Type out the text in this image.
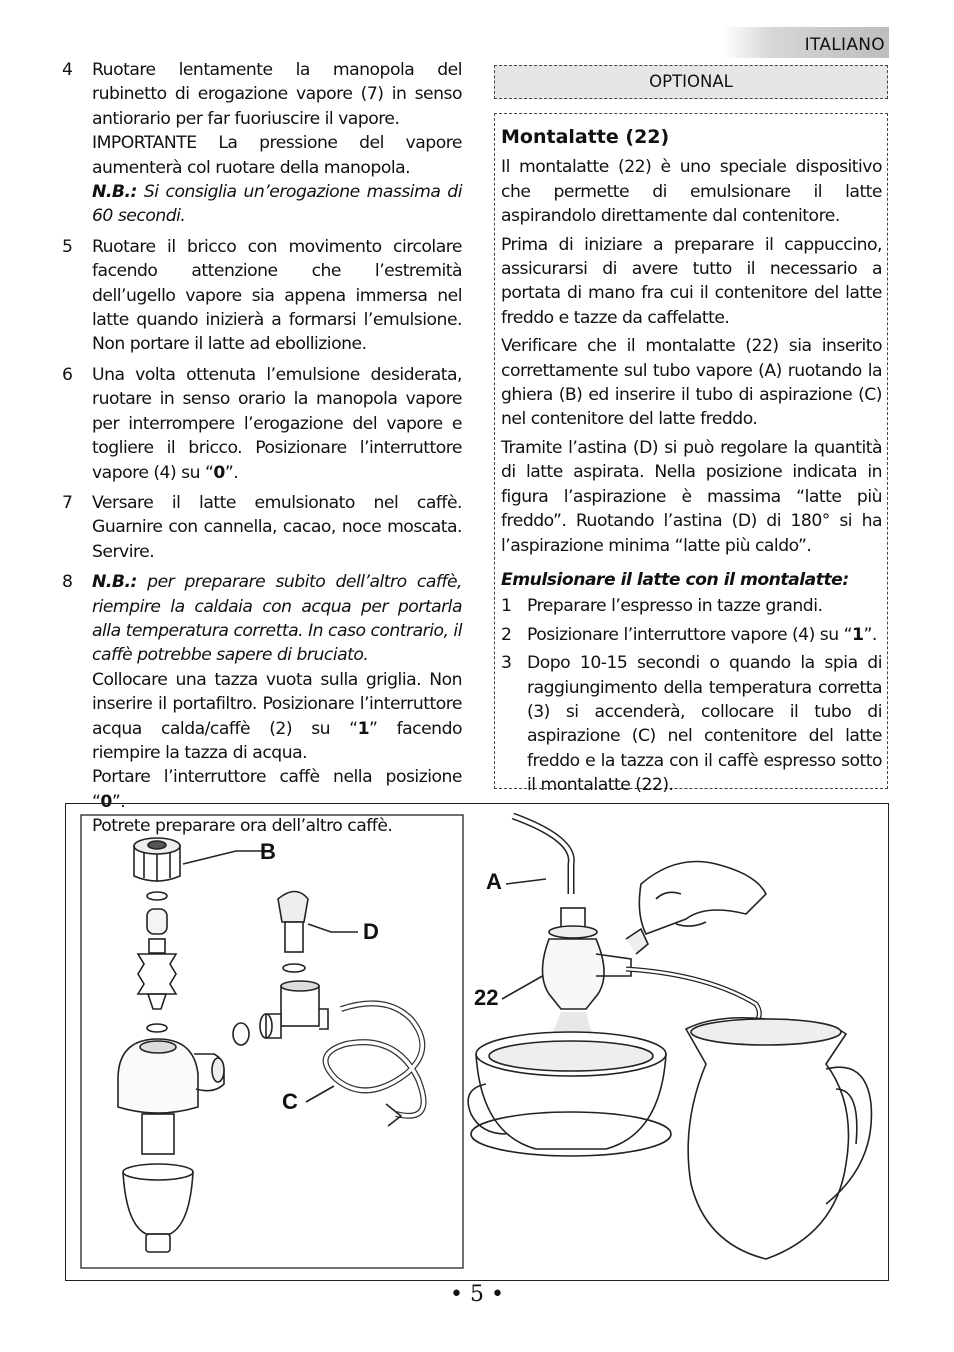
ITALIANO
4	Ruotare lentamente la manopola del rubinetto di erogazione vapore (7) in senso antiorario per far fuoriuscire il vapore.

IMPORTANTE La pressione del vapore aumenterà col ruotare della manopola.

N.B.: Si consiglia un’erogazione massima di 60 secondi.

5	Ruotare il bricco con movimento circolare facendo attenzione che l’estremità dell’ugello vapore sia appena immersa nel latte quando inizierà a formarsi l’emulsione. Non portare il latte ad ebollizione.
6	Una volta ottenuta l’emulsione desiderata, ruotare in senso orario la manopola vapore per interrompere l’erogazione del vapore e togliere il bricco. Posizionare l’interruttore vapore (4) su “0”.
7	Versare il latte emulsionato nel caffè. Guarnire con cannella, cacao, noce moscata. Servire.
8	N.B.: per preparare subito dell’altro caffè, riempire la caldaia con acqua per portarla alla temperatura corretta. In caso contrario, il caffè potrebbe sapere di bruciato.

Collocare una tazza vuota sulla griglia. Non inserire il portafiltro. Posizionare l’interruttore acqua calda/caffè (2) su “1” facendo riempire la tazza di acqua.

Portare l’interruttore caffè nella posizione “0”.

Potrete preparare ora dell’altro caffè.

OPTIONAL
Montalatte (22)

Il montalatte (22) è uno speciale dispositivo che permette di emulsionare il latte aspirandolo direttamente dal contenitore.

Prima di iniziare a preparare il cappuccino, assicurarsi di avere tutto il necessario a portata di mano fra cui il contenitore del latte freddo e tazze da caffelatte.

Verificare che il montalatte (22) sia inserito correttamente sul tubo vapore (A) ruotando la ghiera (B) ed inserire il tubo di aspirazione (C) nel contenitore del latte freddo.

Tramite l’astina (D) si può regolare la quantità di latte aspirata. Nella posizione indicata in figura l’aspirazione è massima “latte più freddo”. Ruotando l’astina (D) di 180° si ha l’aspirazione minima “latte più caldo”.

Emulsionare il latte con il montalatte:
1 Preparare l’espresso in tazze grandi.
2 Posizionare l’interruttore vapore (4) su “1”.
3 Dopo 10-15 secondi o quando la spia di raggiungimento della temperatura corretta (3) si accenderà, collocare il tubo di aspirazione (C) nel contenitore del latte freddo e la tazza con il caffè espresso sotto il montalatte (22).
B
D
C
A
22
• 5 •
